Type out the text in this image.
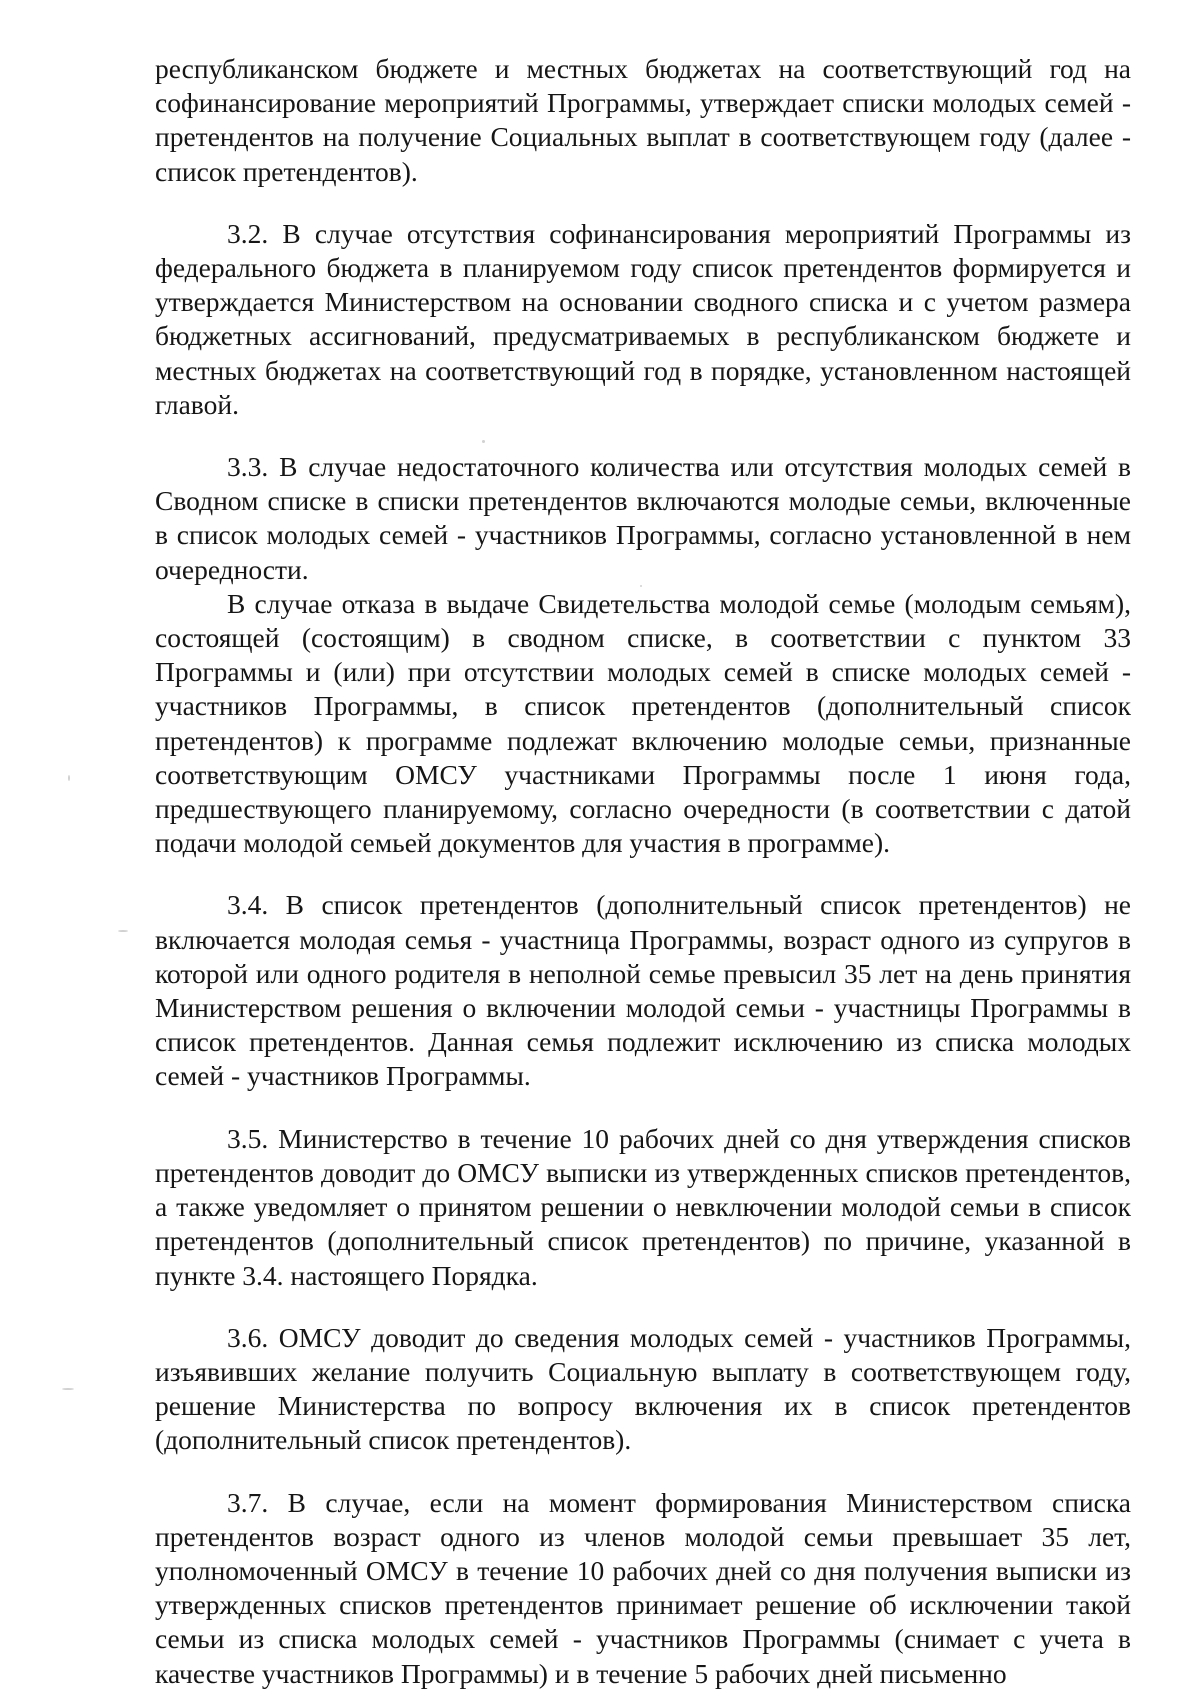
республиканском бюджете и местных бюджетах на соответствующий год на софинансирование мероприятий Программы, утверждает списки молодых семей - претендентов на получение Социальных выплат в соответствующем году (далее - список претендентов).

3.2. В случае отсутствия софинансирования мероприятий Программы из федерального бюджета в планируемом году список претендентов формируется и утверждается Министерством на основании сводного списка и с учетом размера бюджетных ассигнований, предусматриваемых в республиканском бюджете и местных бюджетах на соответствующий год в порядке, установленном настоящей главой.

3.3. В случае недостаточного количества или отсутствия молодых семей в Сводном списке в списки претендентов включаются молодые семьи, включенные в список молодых семей - участников Программы, согласно установленной в нем очередности.

В случае отказа в выдаче Свидетельства молодой семье (молодым семьям), состоящей (состоящим) в сводном списке, в соответствии с пунктом 33 Программы и (или) при отсутствии молодых семей в списке молодых семей - участников Программы, в список претендентов (дополнительный список претендентов) к программе подлежат включению молодые семьи, признанные соответствующим ОМСУ участниками Программы после 1 июня года, предшествующего планируемому, согласно очередности (в соответствии с датой подачи молодой семьей документов для участия в программе).

3.4. В список претендентов (дополнительный список претендентов) не включается молодая семья - участница Программы, возраст одного из супругов в которой или одного родителя в неполной семье превысил 35 лет на день принятия Министерством решения о включении молодой семьи - участницы Программы в список претендентов. Данная семья подлежит исключению из списка молодых семей - участников Программы.

3.5. Министерство в течение 10 рабочих дней со дня утверждения списков претендентов доводит до ОМСУ выписки из утвержденных списков претендентов, а также уведомляет о принятом решении о невключении молодой семьи в список претендентов (дополнительный список претендентов) по причине, указанной в пункте 3.4. настоящего Порядка.

3.6. ОМСУ доводит до сведения молодых семей - участников Программы, изъявивших желание получить Социальную выплату в соответствующем году, решение Министерства по вопросу включения их в список претендентов (дополнительный список претендентов).

3.7. В случае, если на момент формирования Министерством списка претендентов возраст одного из членов молодой семьи превышает 35 лет, уполномоченный ОМСУ в течение 10 рабочих дней со дня получения выписки из утвержденных списков претендентов принимает решение об исключении такой семьи из списка молодых семей - участников Программы (снимает с учета в качестве участников Программы) и в течение 5 рабочих дней письменно
